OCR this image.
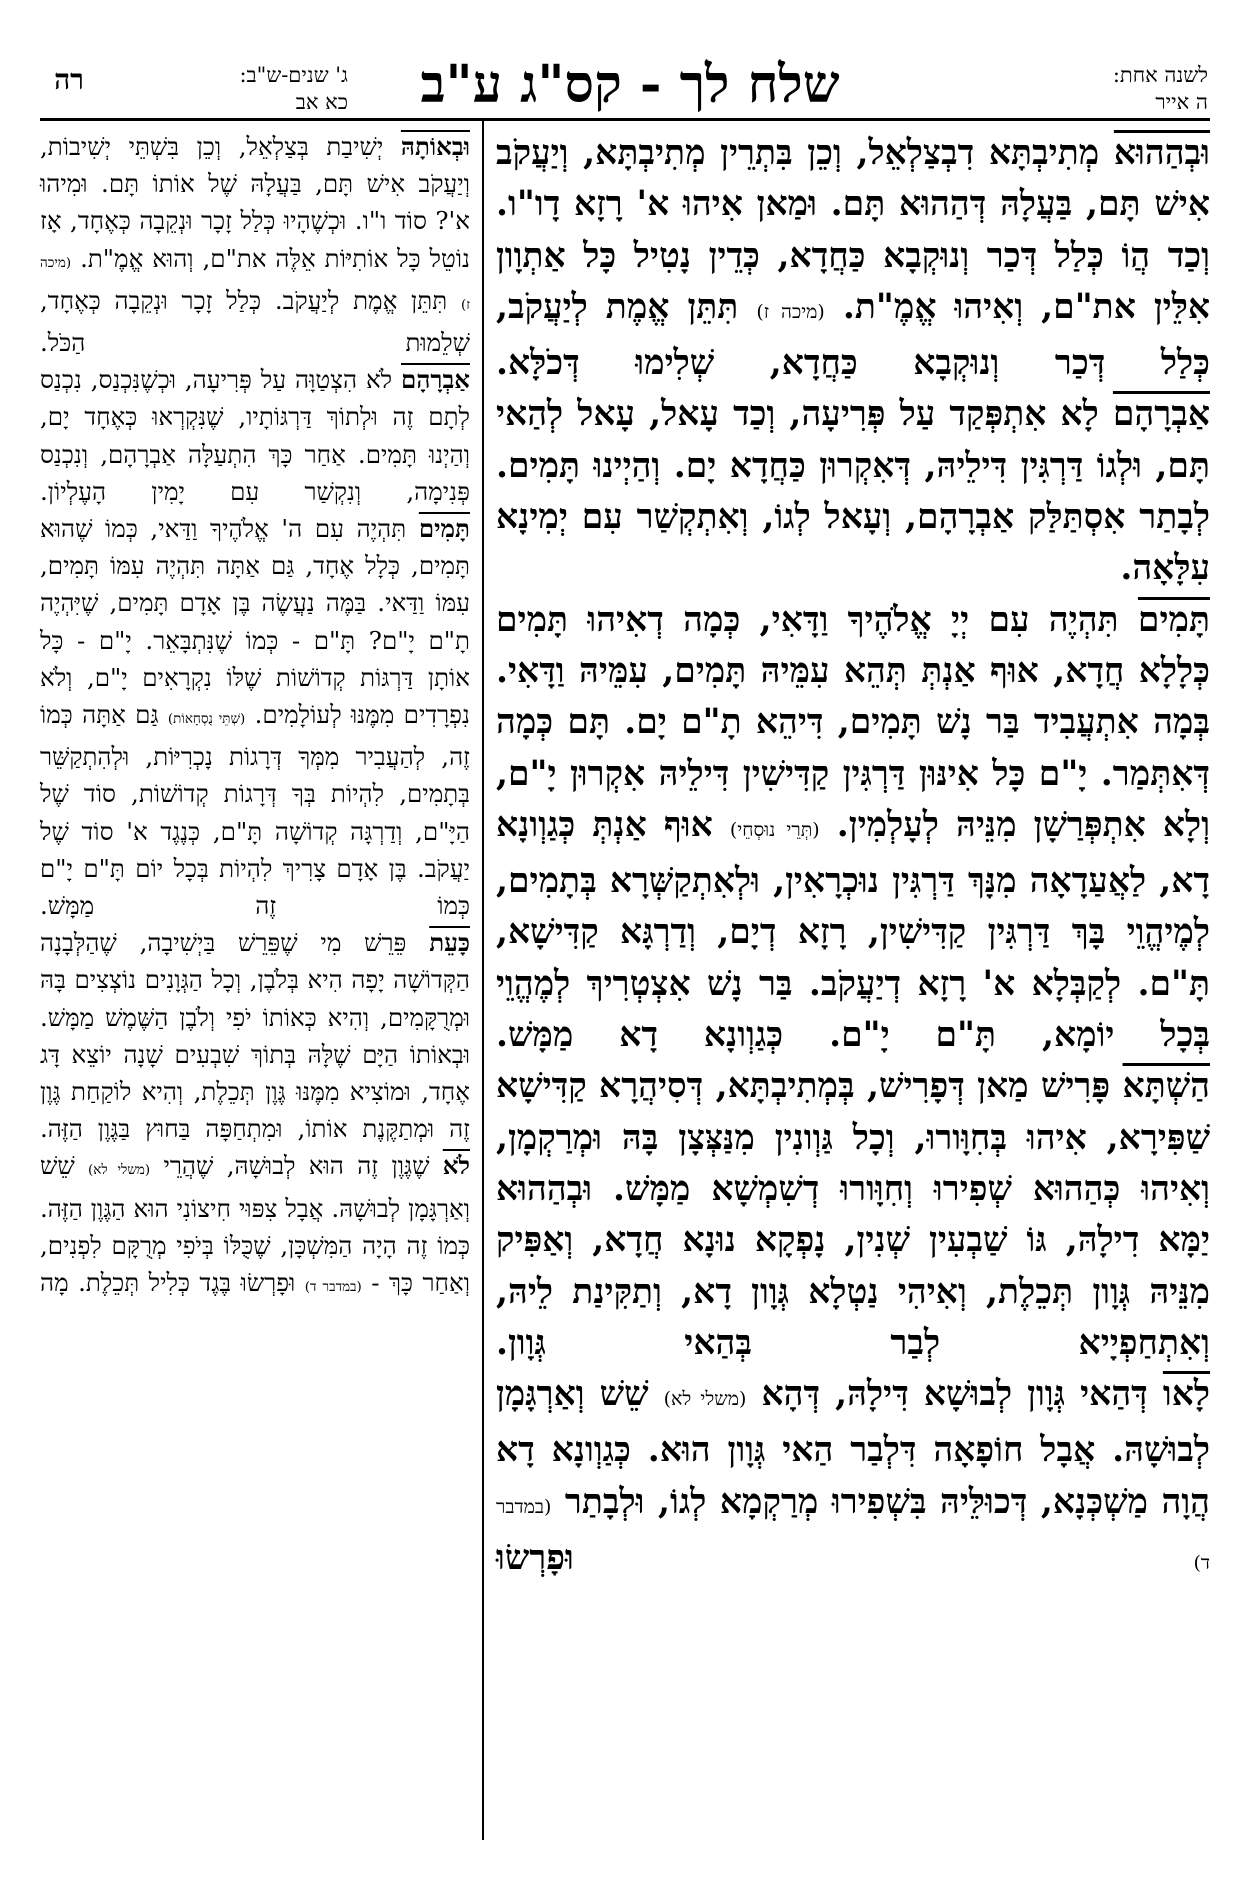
לשנה אחת:
ה אייר
שלח לך - קס"ג ע"ב
ג' שנים-ש"ב:
כא אב
רה

וּבְהַהוּא מְתִיבְתָּא דִבְצַלְאֵל, וְכֵן בִּתְרֵין מְתִיבְתָּא, וְיַעֲקֹב אִישׁ תָּם, בַּעֲלָהּ דְּהַהוּא תָּם. וּמַאן אִיהוּ א' רָזָא דָו"ו. וְכַד הֲוֹ כְּלַל דְּכַר וְנוּקְבָא כַּחֲדָא, כְּדֵין נָטִיל כָּל אַתְוָון אִלֵּין את"ם, וְאִיהוּ אֱמֶ"ת. (מיכה ז) תִּתֵּן אֱמֶת לְיַעֲקֹב, כְּלַל דְּכַר וְנוּקְבָא כַּחֲדָא, שְׁלִימוּ דְּכֹלָּא.

אַבְרָהָם לָא אִתְפְּקַד עַל פְּרִיעָה, וְכַד עָאל, עָאל לְהַאי תָּם, וּלְגוֹ דַּרְגִּין דִּילֵיהּ, דְּאִקְרוּן כַּחֲדָא יָם. וְהַיְינוּ תָּמִים. לְבָתַר אִסְתַּלַּק אַבְרָהָם, וְעָאל לְגוֹ, וְאִתְקְשַׁר עִם יְמִינָא עִלָּאָה.

תָּמִים תִּהְיֶה עִם יְיָ אֱלֹהֶיךָ וַדָּאִי, כְּמָה דְאִיהוּ תָּמִים כְּלָלָא חֲדָא, אוּף אַנְתְּ תְּהֵא עִמֵּיהּ תָּמִים, עִמֵּיהּ וַדָּאִי. בְּמָה אִתְעֲבִיד בַּר נָשׁ תָּמִים, דִּיהֵא תָ"ם יָם. תָּם כְּמָה דְּאִתְּמַר. יָ"ם כָּל אִינּוּן דַּרְגִּין קַדִּישִׁין דִּילֵיהּ אִקְרוּן יָ"ם, וְלָא אִתְפְּרַשָׁן מִנֵּיהּ לְעָלְמִין. (תְּרֵי נוּסְחֵי) אוּף אַנְתְּ כְּגַוְונָא דָא, לַאֲעַדָאָה מִנָּךְ דַּרְגִּין נוּכְרָאִין, וּלְאִתְקַשְּׁרָא בְּתָמִים, לְמֶיהֱוֵי בָּךְ דַּרְגִּין קַדִּישִׁין, רָזָא דְיָם, וְדַרְגָּא קַדִּישָׁא, תָּ"ם. לְקַבְּלָא א' רָזָא דְיַעֲקֹב. בַּר נָשׁ אִצְטְרִיךְ לְמֶהֱוֵי בְּכָל יוֹמָא, תָּ"ם יָ"ם. כְּגַוְונָא דָא מַמָּשׁ.

הַשְׁתָּא פָּרִישׁ מַאן דְּפָרִישׁ, בְּמְתִיבְתָּא, דְּסִיהֲרָא קַדִּישָׁא שַׁפִּירָא, אִיהוּ בְּחִוָּורוּ, וְכָל גַּוְונִין מִנַּצְּצָן בָּהּ וּמְרַקְמָן, וְאִיהוּ כְּהַהוּא שְׁפִירוּ וְחִוָּורוּ דְשִׁמְשָׁא מַמָּשׁ. וּבְהַהוּא יַמָּא דִילָהּ, גּוֹ שַׁבְעִין שְׁנִין, נָפְקָא נוּנָא חֲדָא, וְאַפִּיק מִנֵּיהּ גְּוָון תְּכֵלֶת, וְאִיהִי נַטְלָא גְּוָון דָא, וְתַקִּינַת לֵיהּ, וְאִתְחַפְיָיא לְבַר בְּהַאי גְּוָון.

לָאו דְּהַאי גְּוָון לְבוּשָׁא דִּילָהּ, דְּהָא (משלי לא) שֵׁשׁ וְאַרְגָּמָן לְבוּשָׁהּ. אֲבָל חוֹפָאָה דִּלְבַר הַאי גְּוָון הוּא. כְּגַוְונָא דָא הֲוָה מַשְׁכְּנָא, דְּכוּלֵּיהּ בִּשְׁפִירוּ מְרַקְמָא לְגוֹ, וּלְבָתַר (במדבר ד) וּפָרְשׂוּ

וּבְאוֹתָהּ יְשִׁיבַת בְּצַלְאֵל, וְכֵן בִּשְׁתֵּי יְשִׁיבוֹת, וְיַעֲקֹב אִישׁ תָּם, בַּעֲלָהּ שֶׁל אוֹתוֹ תָּם. וּמִיהוּ א'? סוֹד ו"ו. וּכְשֶׁהָיוּ כְּלַל זָכָר וּנְקֵבָה כְּאֶחָד, אָז נוֹטֵל כָּל אוֹתִיּוֹת אֵלֶּה את"ם, וְהוּא אֱמֶ"ת. (מיכה ז) תִּתֵּן אֱמֶת לְיַעֲקֹב. כְּלַל זָכָר וּנְקֵבָה כְּאֶחָד, שְׁלֵמוּת הַכֹּל.

אַבְרָהָם לֹא הִצְטַוָּה עַל פְּרִיעָה, וּכְשֶׁנִּכְנַס, נִכְנַס לְתָם זֶה וּלְתוֹךְ דַּרְגּוֹתָיו, שֶׁנִּקְרְאוּ כְּאֶחָד יָם, וְהַיְנוּ תָּמִים. אַחַר כָּךְ הִתְעַלָּה אַבְרָהָם, וְנִכְנַס פְּנִימָה, וְנִקְשַׁר עִם יָמִין הָעֶלְיוֹן.

תָּמִים תִּהְיֶה עִם ה' אֱלֹהֶיךָ וַדַּאי, כְּמוֹ שֶׁהוּא תָּמִים, כְּלָל אֶחָד, גַּם אַתָּה תִּהְיֶה עִמּוֹ תָּמִים, עִמּוֹ וַדַּאי. בַּמֶּה נַעֲשֶׂה בֶּן אָדָם תָּמִים, שֶׁיִּהְיֶה תָ"ם יָ"ם? תָּ"ם - כְּמוֹ שֶׁנִּתְבָּאֵר. יָ"ם - כָּל אוֹתָן דַּרְגּוֹת קְדוֹשׁוֹת שֶׁלּוֹ נִקְרָאִים יָ"ם, וְלֹא נִפְרָדִים מִמֶּנּוּ לְעוֹלָמִים. (שְׁתֵּי נֻסְחָאוֹת) גַּם אַתָּה כְּמוֹ זֶה, לְהַעֲבִיר מִמְּךָ דְּרָגוֹת נָכְרִיּוֹת, וּלְהִתְקַשֵּׁר בְּתָמִים, לִהְיוֹת בְּךָ דְּרָגוֹת קְדוֹשׁוֹת, סוֹד שֶׁל הַיָּ"ם, וְדַרְגָּה קְדוֹשָׁה תָּ"ם, כְּנֶגֶד א' סוֹד שֶׁל יַעֲקֹב. בֶּן אָדָם צָרִיךְ לִהְיוֹת בְּכָל יוֹם תָּ"ם יָ"ם כְּמוֹ זֶה מַמָּשׁ.

כָּעֵת פֵּרֵשׁ מִי שֶׁפֵּרֵשׁ בַּיְשִׁיבָה, שֶׁהַלְּבָנָה הַקְּדוֹשָׁה יָפָה הִיא בְּלֹבֶן, וְכָל הַגְּוָנִים נוֹצְצִים בָּהּ וּמְרֻקָּמִים, וְהִיא כְּאוֹתוֹ יֹפִי וְלֹבֶן הַשֶּׁמֶשׁ מַמָּשׁ. וּבְאוֹתוֹ הַיָּם שֶׁלָּהּ בְּתוֹךְ שִׁבְעִים שָׁנָה יוֹצֵא דָּג אֶחָד, וּמוֹצִיא מִמֶּנּוּ גֶּוֶן תְּכֵלֶת, וְהִיא לוֹקַחַת גֶּוֶן זֶה וּמְתַקֶּנֶת אוֹתוֹ, וּמִתְחַפָּה בַּחוּץ בַּגֶּוֶן הַזֶּה.

לֹא שֶׁגֶּוֶן זֶה הוּא לְבוּשָׁהּ, שֶׁהֲרֵי (משלי לא) שֵׁשׁ וְאַרְגָּמָן לְבוּשָׁהּ. אֲבָל צִפּוּי חִיצוֹנִי הוּא הַגֶּוֶן הַזֶּה. כְּמוֹ זֶה הָיָה הַמִּשְׁכָּן, שֶׁכֻּלּוֹ בְּיֹפִי מְרֻקָּם לִפְנִים, וְאַחַר כָּךְ - (במדבר ד) וּפָרְשׂוּ בֶּגֶד כְּלִיל תְּכֵלֶת. מָה
